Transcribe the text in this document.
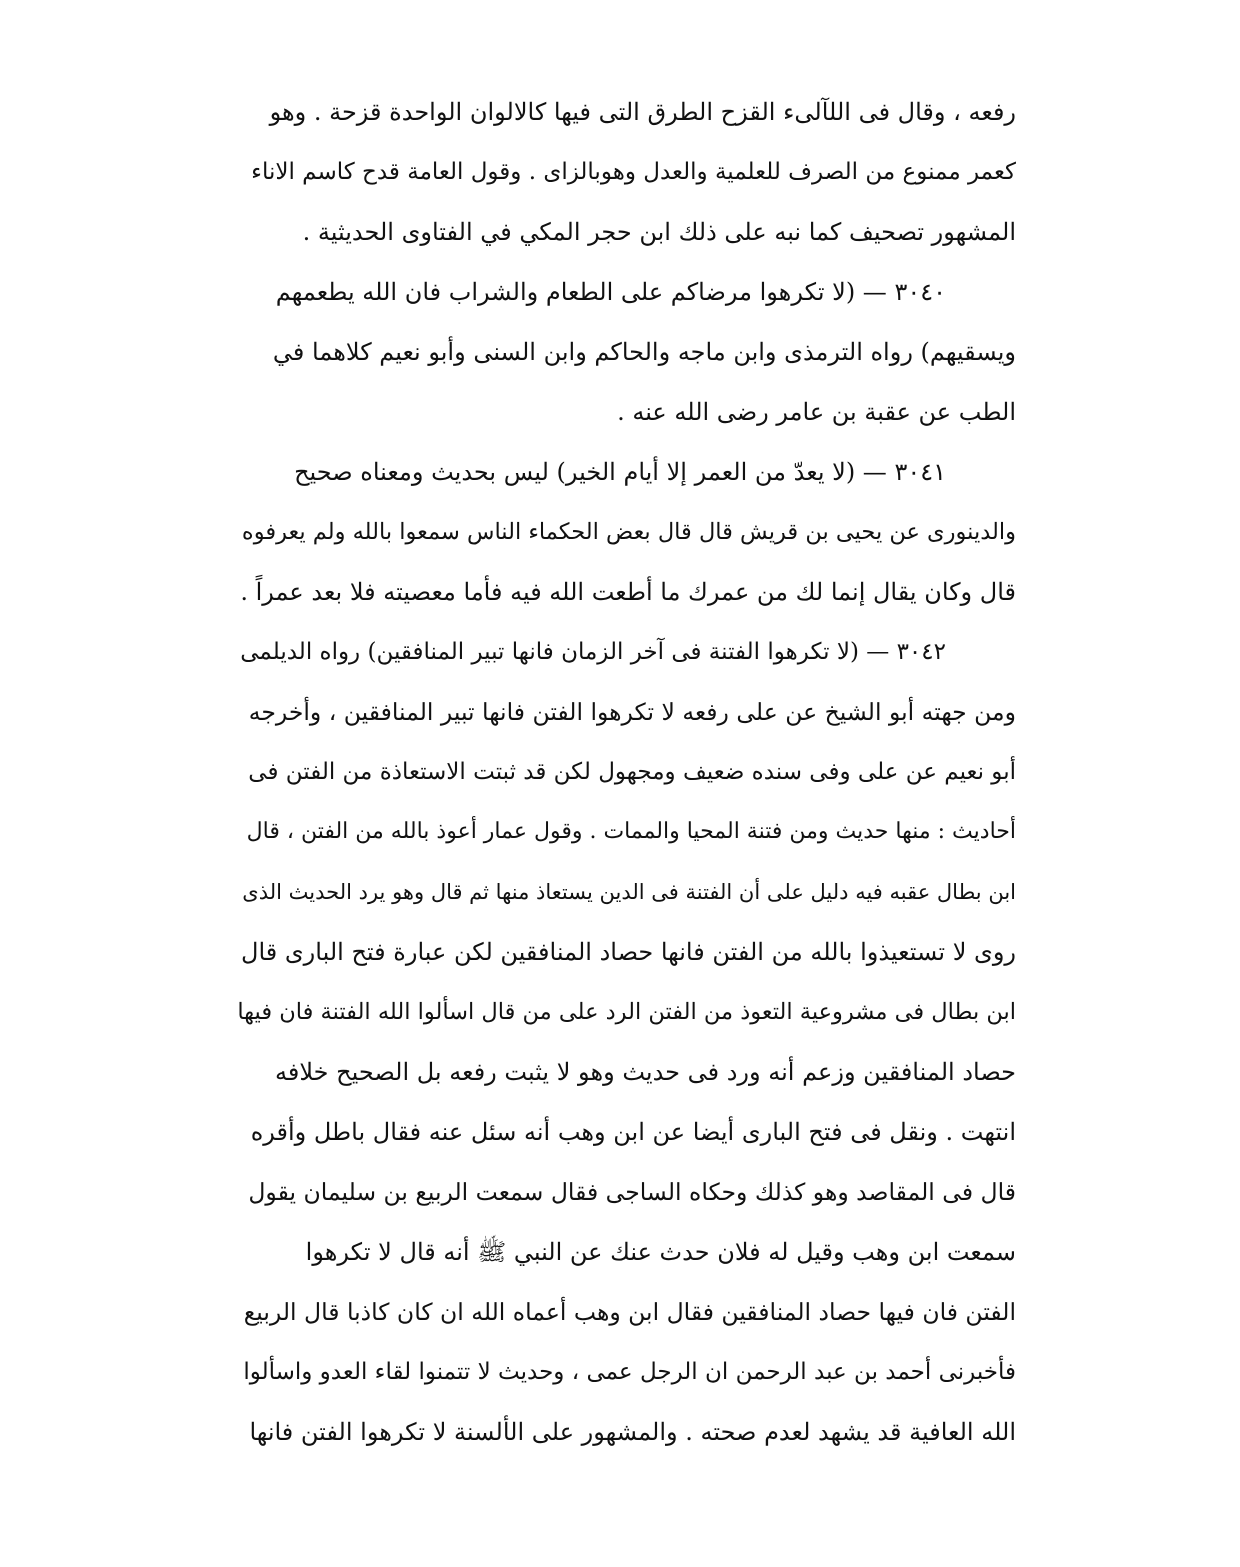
رفعه ، وقال فى اللآلىء القزح الطرق التى فيها كالالوان الواحدة قزحة . وهو
كعمر ممنوع من الصرف للعلمية والعدل وهوبالزاى . وقول العامة قدح كاسم الاناء
المشهور تصحيف كما نبه على ذلك ابن حجر المكي في الفتاوى الحديثية .
٣٠٤٠ — (لا تكرهوا مرضاكم على الطعام والشراب فان الله يطعمهم
ويسقيهم) رواه الترمذى وابن ماجه والحاكم وابن السنى وأبو نعيم كلاهما في
الطب عن عقبة بن عامر رضى الله عنه .
٣٠٤١ — (لا يعدّ من العمر إلا أيام الخير) ليس بحديث ومعناه صحيح
والدينورى عن يحيى بن قريش قال قال بعض الحكماء الناس سمعوا بالله ولم يعرفوه
قال وكان يقال إنما لك من عمرك ما أطعت الله فيه فأما معصيته فلا بعد عمراً .
٣٠٤٢ — (لا تكرهوا الفتنة فى آخر الزمان فانها تبير المنافقين) رواه الديلمى
ومن جهته أبو الشيخ عن على رفعه لا تكرهوا الفتن فانها تبير المنافقين ، وأخرجه
أبو نعيم عن على وفى سنده ضعيف ومجهول لكن قد ثبتت الاستعاذة من الفتن فى
أحاديث : منها حديث ومن فتنة المحيا والممات . وقول عمار أعوذ بالله من الفتن ، قال
ابن بطال عقبه فيه دليل على أن الفتنة فى الدين يستعاذ منها ثم قال وهو يرد الحديث الذى
روى لا تستعيذوا بالله من الفتن فانها حصاد المنافقين لكن عبارة فتح البارى قال
ابن بطال فى مشروعية التعوذ من الفتن الرد على من قال اسألوا الله الفتنة فان فيها
حصاد المنافقين وزعم أنه ورد فى حديث وهو لا يثبت رفعه بل الصحيح خلافه
انتهت . ونقل فى فتح البارى أيضا عن ابن وهب أنه سئل عنه فقال باطل وأقره
قال فى المقاصد وهو كذلك وحكاه الساجى فقال سمعت الربيع بن سليمان يقول
سمعت ابن وهب وقيل له فلان حدث عنك عن النبي ﷺ أنه قال لا تكرهوا
الفتن فان فيها حصاد المنافقين فقال ابن وهب أعماه الله ان كان كاذبا قال الربيع
فأخبرنى أحمد بن عبد الرحمن ان الرجل عمى ، وحديث لا تتمنوا لقاء العدو واسألوا
الله العافية قد يشهد لعدم صحته . والمشهور على الألسنة لا تكرهوا الفتن فانها
